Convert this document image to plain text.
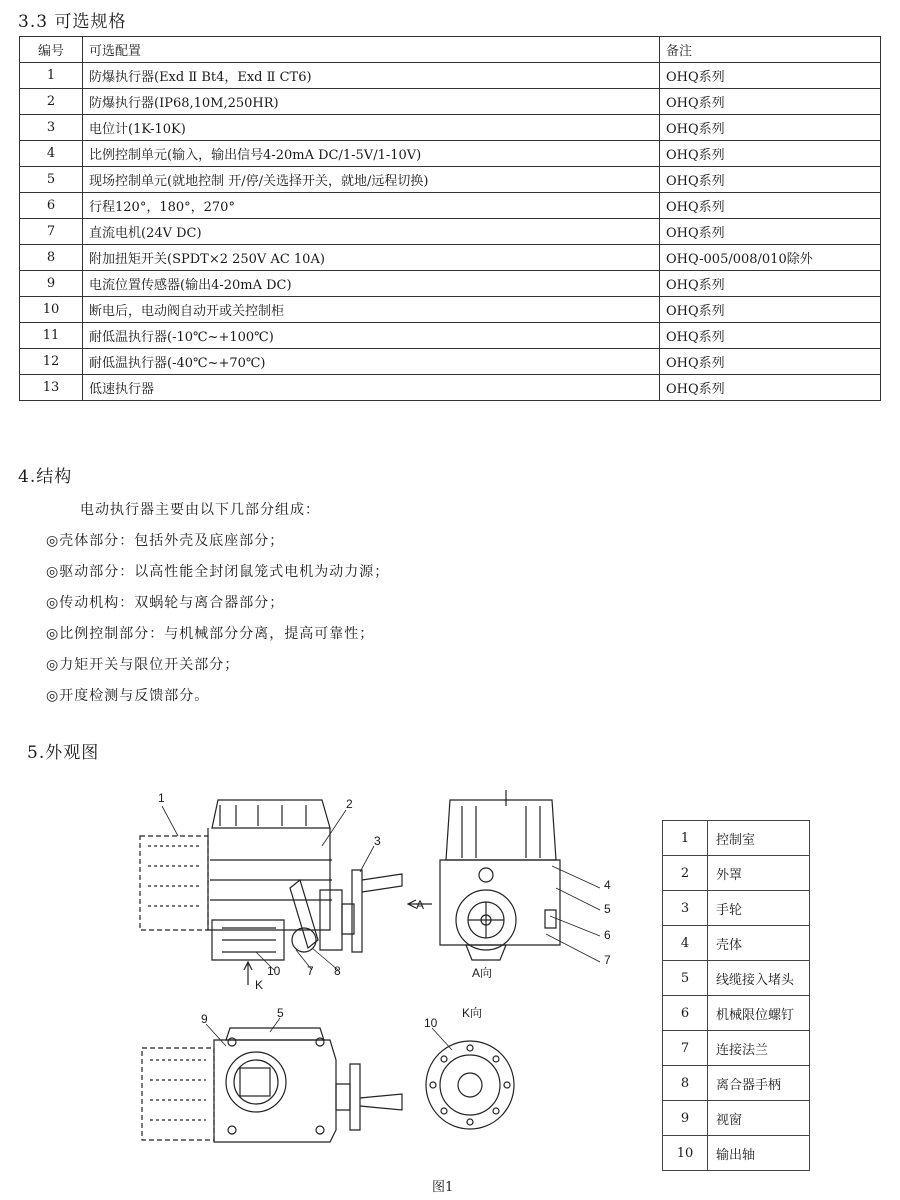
3.3 可选规格
编号	可选配置	备注
1	防爆执行器(Exd Ⅱ Bt4，Exd Ⅱ CT6)	OHQ系列
2	防爆执行器(IP68,10M,250HR)	OHQ系列
3	电位计(1K-10K)	OHQ系列
4	比例控制单元(输入，输出信号4-20mA DC/1-5V/1-10V)	OHQ系列
5	现场控制单元(就地控制 开/停/关选择开关，就地/远程切换)	OHQ系列
6	行程120°，180°，270°	OHQ系列
7	直流电机(24V DC)	OHQ系列
8	附加扭矩开关(SPDT×2 250V AC 10A)	OHQ-005/008/010除外
9	电流位置传感器(输出4-20mA DC)	OHQ系列
10	断电后，电动阀自动开或关控制柜	OHQ系列
11	耐低温执行器(-10℃~+100℃)	OHQ系列
12	耐低温执行器(-40℃~+70℃)	OHQ系列
13	低速执行器	OHQ系列
4.结构
电动执行器主要由以下几部分组成：
◎壳体部分：包括外壳及底座部分；
◎驱动部分：以高性能全封闭鼠笼式电机为动力源；
◎传动机构：双蜗轮与离合器部分；
◎比例控制部分：与机械部分分离，提高可靠性；
◎力矩开关与限位开关部分；
◎开度检测与反馈部分。
5.外观图
1	2
3
4
5
6
7
8
7
10
9	5
10
A
A向
K
K向
1	控制室
2	外罩
3	手轮
4	壳体
5	线缆接入堵头
6	机械限位螺钉
7	连接法兰
8	离合器手柄
9	视窗
10	输出轴
图1
